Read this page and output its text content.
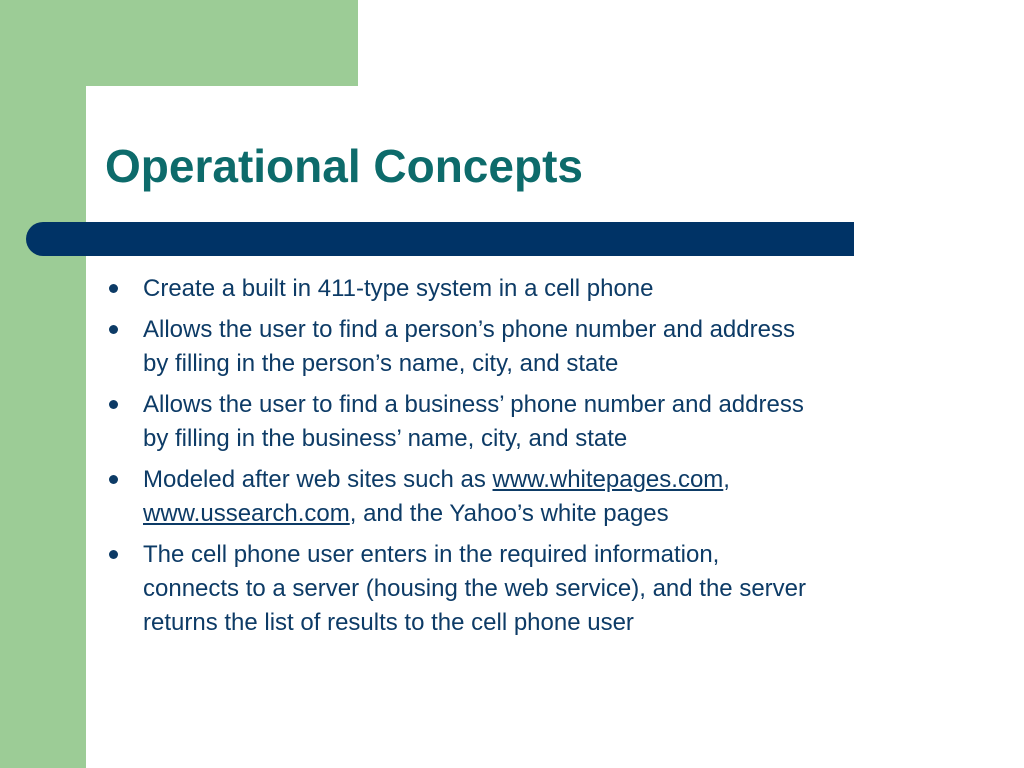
Operational Concepts
Create a built in 411-type system in a cell phone
Allows the user to find a person’s phone number and address
by filling in the person’s name, city, and state
Allows the user to find a business’ phone number and address
by filling in the business’ name, city, and state
Modeled after web sites such as www.whitepages.com,
www.ussearch.com, and the Yahoo’s white pages
The cell phone user enters in the required information,
connects to a server (housing the web service), and the server
returns the list of results to the cell phone user
